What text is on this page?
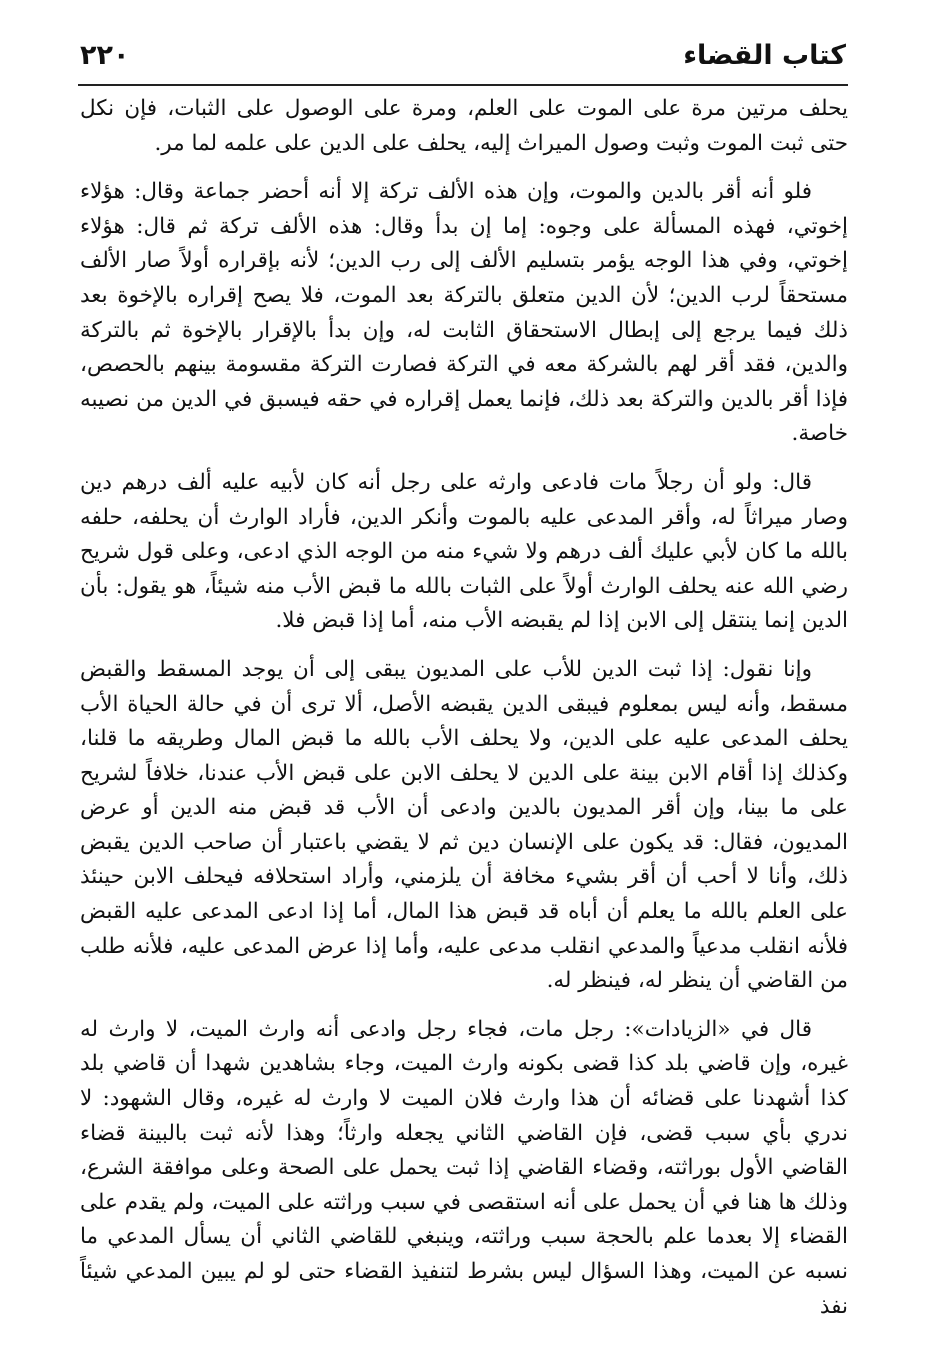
كتاب القضاء
٢٢٠

يحلف مرتين مرة على الموت على العلم، ومرة على الوصول على الثبات، فإن نكل حتى ثبت الموت وثبت وصول الميراث إليه، يحلف على الدين على علمه لما مر.

فلو أنه أقر بالدين والموت، وإن هذه الألف تركة إلا أنه أحضر جماعة وقال: هؤلاء إخوتي، فهذه المسألة على وجوه: إما إن بدأ وقال: هذه الألف تركة ثم قال: هؤلاء إخوتي، وفي هذا الوجه يؤمر بتسليم الألف إلى رب الدين؛ لأنه بإقراره أولاً صار الألف مستحقاً لرب الدين؛ لأن الدين متعلق بالتركة بعد الموت، فلا يصح إقراره بالإخوة بعد ذلك فيما يرجع إلى إبطال الاستحقاق الثابت له، وإن بدأ بالإقرار بالإخوة ثم بالتركة والدين، فقد أقر لهم بالشركة معه في التركة فصارت التركة مقسومة بينهم بالحصص، فإذا أقر بالدين والتركة بعد ذلك، فإنما يعمل إقراره في حقه فيسبق في الدين من نصيبه خاصة.

قال: ولو أن رجلاً مات فادعى وارثه على رجل أنه كان لأبيه عليه ألف درهم دين وصار ميراثاً له، وأقر المدعى عليه بالموت وأنكر الدين، فأراد الوارث أن يحلفه، حلفه بالله ما كان لأبي عليك ألف درهم ولا شيء منه من الوجه الذي ادعى، وعلى قول شريح رضي الله عنه يحلف الوارث أولاً على الثبات بالله ما قبض الأب منه شيئاً، هو يقول: بأن الدين إنما ينتقل إلى الابن إذا لم يقبضه الأب منه، أما إذا قبض فلا.

وإنا نقول: إذا ثبت الدين للأب على المديون يبقى إلى أن يوجد المسقط والقبض مسقط، وأنه ليس بمعلوم فيبقى الدين يقبضه الأصل، ألا ترى أن في حالة الحياة الأب يحلف المدعى عليه على الدين، ولا يحلف الأب بالله ما قبض المال وطريقه ما قلنا، وكذلك إذا أقام الابن بينة على الدين لا يحلف الابن على قبض الأب عندنا، خلافاً لشريح على ما بينا، وإن أقر المديون بالدين وادعى أن الأب قد قبض منه الدين أو عرض المديون، فقال: قد يكون على الإنسان دين ثم لا يقضي باعتبار أن صاحب الدين يقبض ذلك، وأنا لا أحب أن أقر بشيء مخافة أن يلزمني، وأراد استحلافه فيحلف الابن حينئذ على العلم بالله ما يعلم أن أباه قد قبض هذا المال، أما إذا ادعى المدعى عليه القبض فلأنه انقلب مدعياً والمدعي انقلب مدعى عليه، وأما إذا عرض المدعى عليه، فلأنه طلب من القاضي أن ينظر له، فينظر له.

قال في «الزيادات»: رجل مات، فجاء رجل وادعى أنه وارث الميت، لا وارث له غيره، وإن قاضي بلد كذا قضى بكونه وارث الميت، وجاء بشاهدين شهدا أن قاضي بلد كذا أشهدنا على قضائه أن هذا وارث فلان الميت لا وارث له غيره، وقال الشهود: لا ندري بأي سبب قضى، فإن القاضي الثاني يجعله وارثاً؛ وهذا لأنه ثبت بالبينة قضاء القاضي الأول بوراثته، وقضاء القاضي إذا ثبت يحمل على الصحة وعلى موافقة الشرع، وذلك ها هنا في أن يحمل على أنه استقصى في سبب وراثته على الميت، ولم يقدم على القضاء إلا بعدما علم بالحجة سبب وراثته، وينبغي للقاضي الثاني أن يسأل المدعي ما نسبه عن الميت، وهذا السؤال ليس بشرط لتنفيذ القضاء حتى لو لم يبين المدعي شيئاً نفذ
